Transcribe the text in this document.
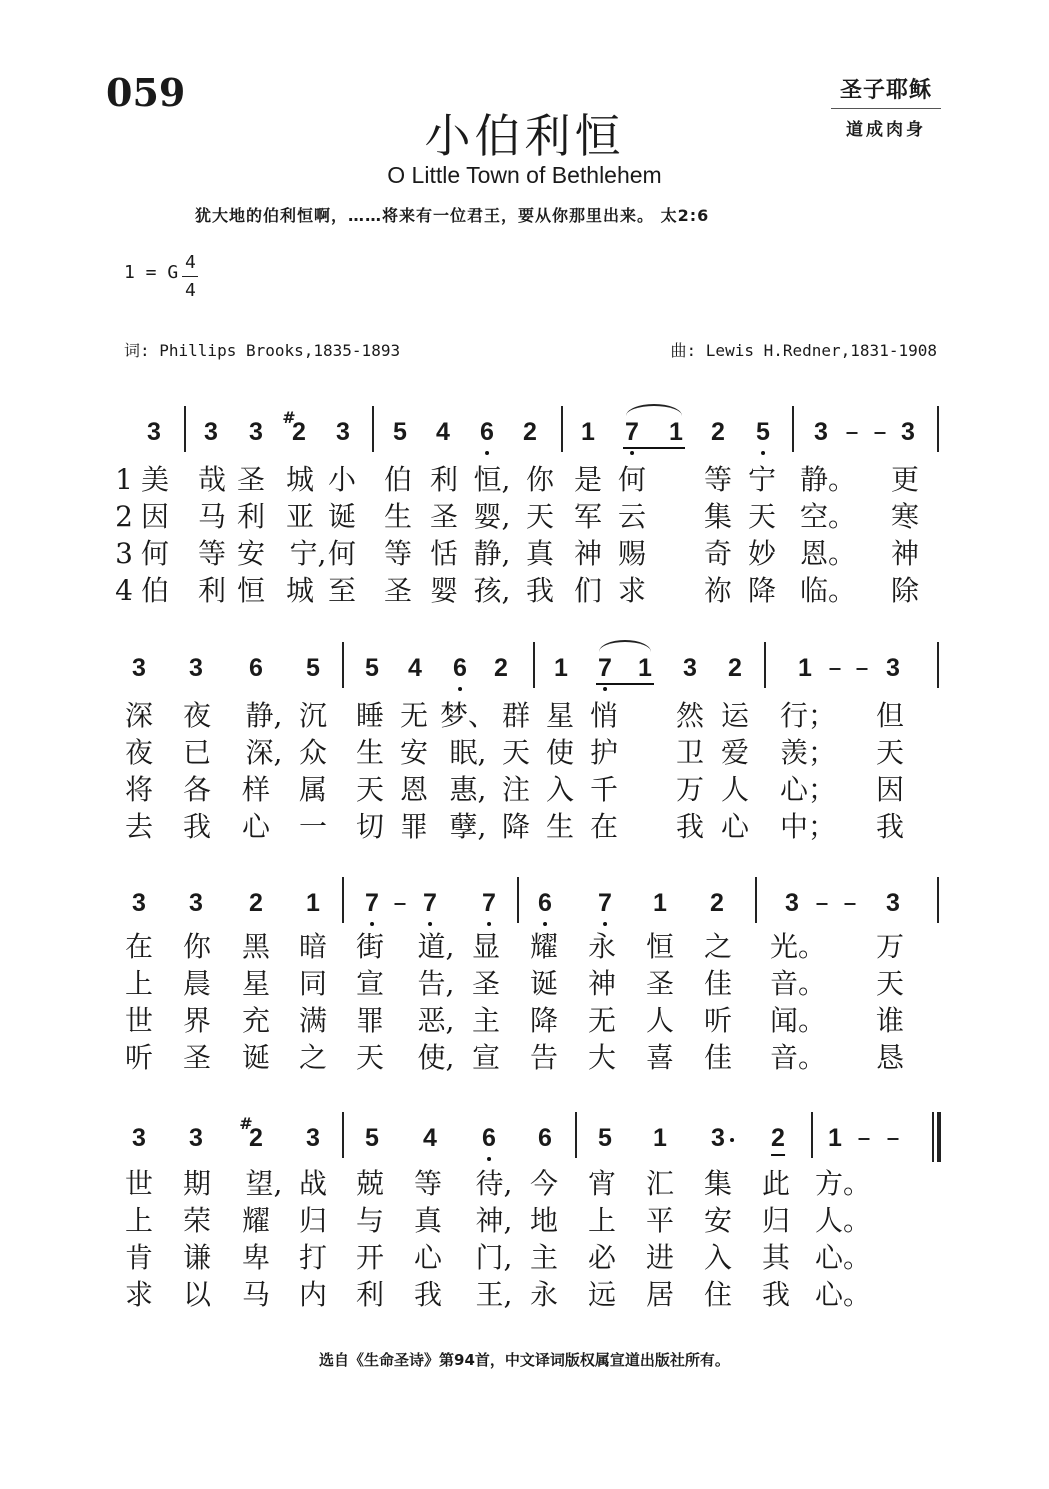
059
小伯利恒
O Little Town of Bethlehem
犹大地的伯利恒啊，……将来有一位君王，要从你那里出来。 太2:6
圣子耶稣
道成肉身
1 = G 4
4
词: Phillips Brooks,1835-1893	曲: Lewis H.Redner,1831-1908
3 3 3 2
#
3 5 4 6 2 1 7 1 2 5 3	3
1 美 哉 圣 城 小 伯 利 恒, 你 是 何 等 宁 静。 更
2 因 马 利 亚 诞 生 圣 婴, 天 军 云 集 天 空。 寒
3 何 等 安 宁, 何 等 恬 静, 真 神 赐 奇 妙 恩。 神
4 伯 利 恒 城 至 圣 婴 孩, 我 们 求 祢 降 临。 除
3 3 6 5 5 4 6 2 1 7 1 3 2 1	3
深 夜 静, 沉 睡 无 梦、 群 星 悄 然 运 行； 但
夜 已 深, 众 生 安 眠, 天 使 护 卫 爱 羡； 天
将 各 样 属 天 恩 惠, 注 入 千 万 人 心； 因
去 我 心 一 切 罪 孽, 降 生 在 我 心 中； 我
3 3 2 1 7 7 7 6 7 1 2 3	3
在 你 黑 暗 街 道, 显 耀 永 恒 之 光。 万
上 晨 星 同 宣 告, 圣 诞 神 圣 佳 音。 天
世 界 充 满 罪 恶, 主 降 无 人 听 闻。 谁
听 圣 诞 之 天 使, 宣 告 大 喜 佳 音。 恳
3 3 2
#
3 5 4 6 6 5 1 3 2 1
世 期 望, 战 兢 等 待, 今 宵 汇 集 此 方。
上 荣 耀 归 与 真 神, 地 上 平 安 归 人。
肯 谦 卑 打 开 心 门, 主 必 进 入 其 心。
求 以 马 内 利 我 王, 永 远 居 住 我 心。
选自《生命圣诗》第94首，中文译词版权属宣道出版社所有。
